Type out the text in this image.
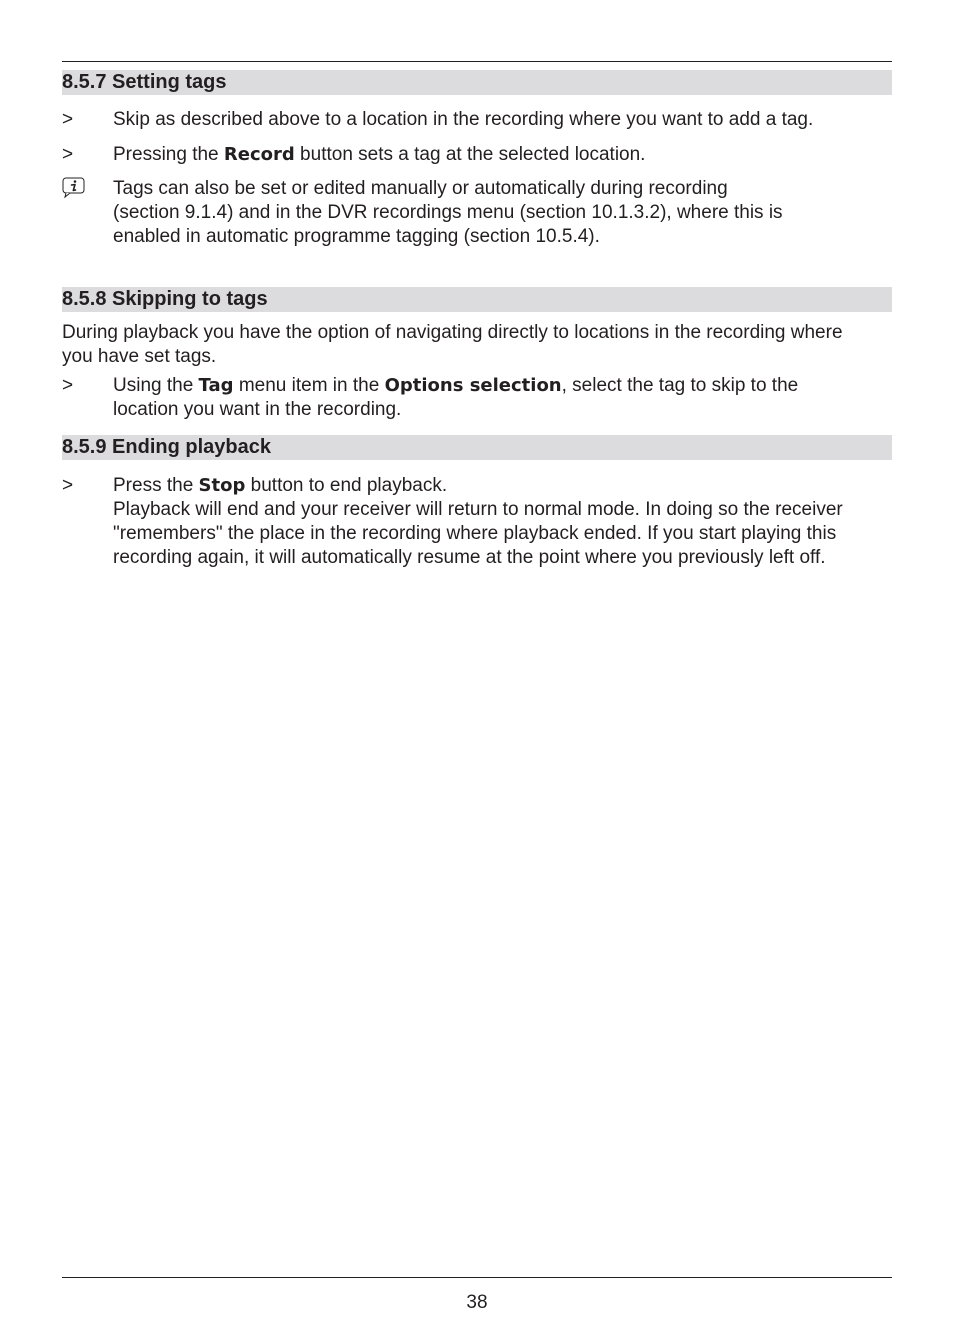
8.5.7 Setting tags
>	Skip as described above to a location in the recording where you want to add a tag.
>	Pressing the Record button sets a tag at the selected location.
Tags can also be set or edited manually or automatically during recording
(section 9.1.4) and in the DVR recordings menu (section 10.1.3.2), where this is
enabled in automatic programme tagging (section 10.5.4).
8.5.8 Skipping to tags
During playback you have the option of navigating directly to locations in the recording where
you have set tags.
>	Using the Tag menu item in the Options selection, select the tag to skip to the
location you want in the recording.
8.5.9 Ending playback
>	Press the Stop button to end playback.
Playback will end and your receiver will return to normal mode. In doing so the receiver
"remembers" the place in the recording where playback ended. If you start playing this
recording again, it will automatically resume at the point where you previously left off.
38
